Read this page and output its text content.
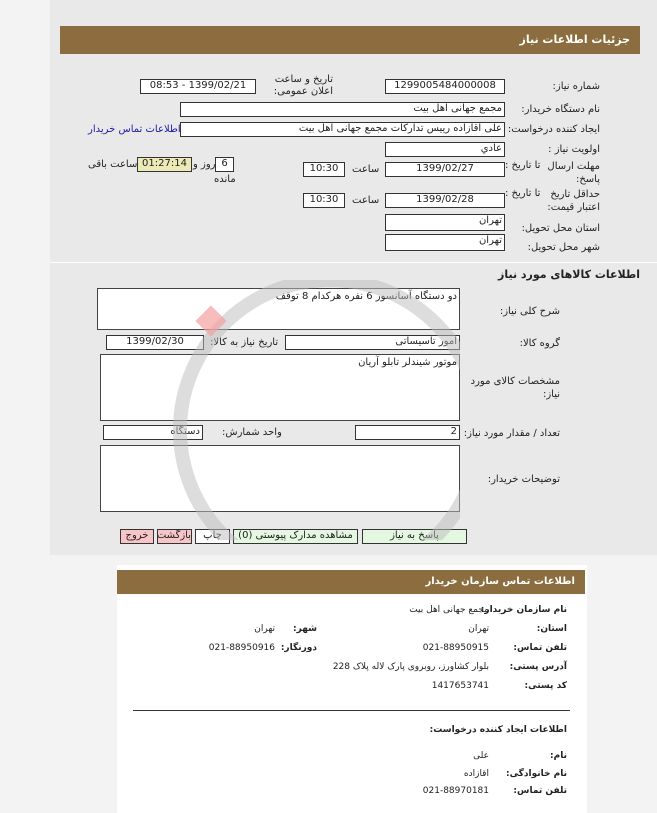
جزئیات اطلاعات نیاز
شماره نیاز:
1299005484000008
تاریخ و ساعت اعلان عمومی:
1399/02/21 - 08:53
نام دستگاه خریدار:
مجمع جهانی اهل بیت
ایجاد کننده درخواست:
علی اقازاده رییس تدارکات مجمع جهانی اهل بیت
اطلاعات تماس خریدار
اولویت نیاز :
عادي
مهلت ارسال پاسخ:
تا تاریخ :
1399/02/27
ساعت
10:30
6
روز و
01:27:14
ساعت باقی
مانده
حداقل تاریخ اعتبار قیمت:
تا تاریخ :
1399/02/28
ساعت
10:30
استان محل تحویل:
تهران
شهر محل تحویل:
تهران
اطلاعات کالاهای مورد نیاز
شرح کلی نیاز:
دو دستگاه آسانسور 6 نفره هرکدام 8 توقف
گروه کالا:
امور تاسیساتی
تاریخ نیاز به کالا:
1399/02/30
مشخصات کالای مورد نیاز:
موتور شیندلر تابلو آریان
تعداد / مقدار مورد نیاز:
2
واحد شمارش:
دستگاه
توضیحات خریدار:
پاسخ به نیاز
مشاهده مدارک پیوستی (0)
چاپ
بازگشت
خروج
اطلاعات تماس سازمان خریدار
نام سازمان خریدار:
مجمع جهانی اهل بیت
استان:
تهران
شهر:
تهران
تلفن تماس:
021-88950915
دورنگار:
021-88950916
آدرس پستی:
بلوار کشاورز، روبروی پارک لاله پلاک 228
کد پستی:
1417653741
اطلاعات ایجاد کننده درخواست:
نام:
علی
نام خانوادگی:
اقازاده
تلفن تماس:
021-88970181
